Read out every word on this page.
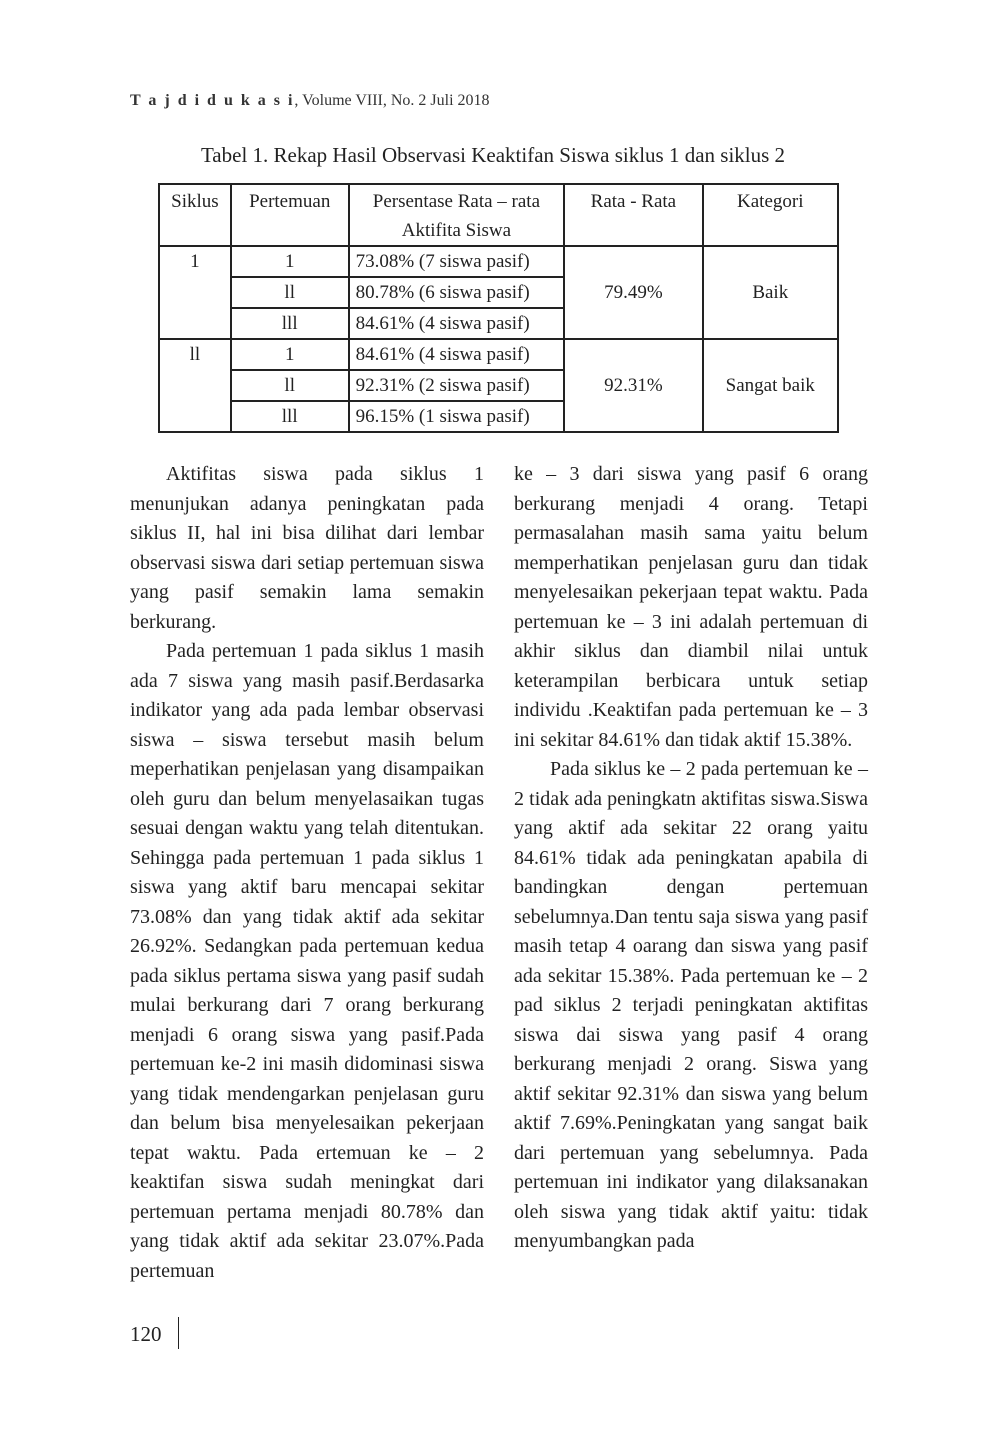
T a j d i d u k a s i, Volume VIII, No. 2 Juli 2018
Tabel 1. Rekap Hasil Observasi Keaktifan Siswa siklus 1 dan siklus 2
Siklus	Pertemuan	Persentase Rata – rata Aktifita Siswa	Rata - Rata	Kategori
1	1	73.08% (7 siswa pasif)	79.49%	Baik
	ll	80.78% (6 siswa pasif)		
	lll	84.61% (4 siswa pasif)		
ll	1	84.61% (4 siswa pasif)	92.31%	Sangat baik
	ll	92.31% (2 siswa pasif)		
	lll	96.15% (1 siswa pasif)		

Aktifitas siswa pada siklus 1 menunjukan adanya peningkatan pada siklus II, hal ini bisa dilihat dari lembar observasi siswa dari setiap pertemuan siswa yang pasif semakin lama semakin berkurang.

Pada pertemuan 1 pada siklus 1 masih ada 7 siswa yang masih pasif.Berdasarka indikator yang ada pada lembar observasi siswa – siswa tersebut masih belum meperhatikan penjelasan yang disampaikan oleh guru dan belum menyelasaikan tugas sesuai dengan waktu yang telah ditentukan. Sehingga pada pertemuan 1 pada siklus 1 siswa yang aktif baru mencapai sekitar 73.08% dan yang tidak aktif ada sekitar 26.92%. Sedangkan pada pertemuan kedua pada siklus pertama siswa yang pasif sudah mulai berkurang dari 7 orang berkurang menjadi 6 orang siswa yang pasif.Pada pertemuan ke-2 ini masih didominasi siswa yang tidak mendengarkan penjelasan guru dan belum bisa menyelesaikan pekerjaan tepat waktu. Pada ertemuan ke – 2 keaktifan siswa sudah meningkat dari pertemuan pertama menjadi 80.78% dan yang tidak aktif ada sekitar 23.07%.Pada pertemuan

ke – 3 dari siswa yang pasif 6 orang berkurang menjadi 4 orang. Tetapi permasalahan masih sama yaitu belum memperhatikan penjelasan guru dan tidak menyelesaikan pekerjaan tepat waktu. Pada pertemuan ke – 3 ini adalah pertemuan di akhir siklus dan diambil nilai untuk keterampilan berbicara untuk setiap individu .Keaktifan pada pertemuan ke – 3 ini sekitar 84.61% dan tidak aktif 15.38%.

Pada siklus ke – 2 pada pertemuan ke – 2 tidak ada peningkatn aktifitas siswa.Siswa yang aktif ada sekitar 22 orang yaitu 84.61% tidak ada peningkatan apabila di bandingkan dengan pertemuan sebelumnya.Dan tentu saja siswa yang pasif masih tetap 4 oarang dan siswa yang pasif ada sekitar 15.38%. Pada pertemuan ke – 2 pad siklus 2 terjadi peningkatan aktifitas siswa dai siswa yang pasif 4 orang berkurang menjadi 2 orang. Siswa yang aktif sekitar 92.31% dan siswa yang belum aktif 7.69%.Peningkatan yang sangat baik dari pertemuan yang sebelumnya. Pada pertemuan ini indikator yang dilaksanakan oleh siswa yang tidak aktif yaitu: tidak menyumbangkan pada

120
